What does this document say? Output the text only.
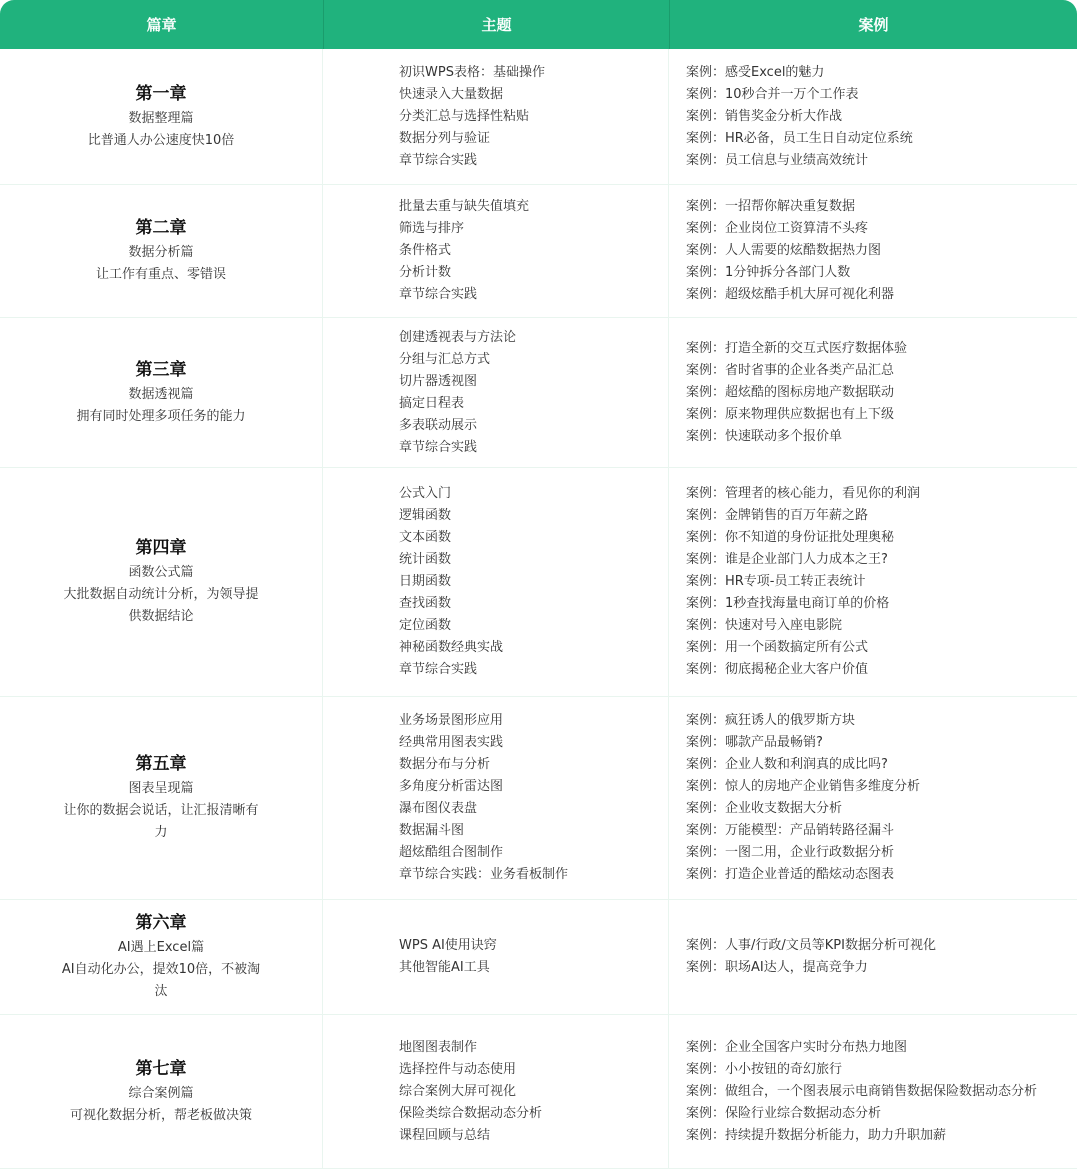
篇章	主题	案例
第一章
数据整理篇
比普通人办公速度快10倍
初识WPS表格：基础操作
快速录入大量数据
分类汇总与选择性粘贴
数据分列与验证
章节综合实践
案例：感受Excel的魅力
案例：10秒合并一万个工作表
案例：销售奖金分析大作战
案例：HR必备，员工生日自动定位系统
案例：员工信息与业绩高效统计
第二章
数据分析篇
让工作有重点、零错误
批量去重与缺失值填充
筛选与排序
条件格式
分析计数
章节综合实践
案例：一招帮你解决重复数据
案例：企业岗位工资算清不头疼
案例：人人需要的炫酷数据热力图
案例：1分钟拆分各部门人数
案例：超级炫酷手机大屏可视化利器
第三章
数据透视篇
拥有同时处理多项任务的能力
创建透视表与方法论
分组与汇总方式
切片器透视图
搞定日程表
多表联动展示
章节综合实践
案例：打造全新的交互式医疗数据体验
案例：省时省事的企业各类产品汇总
案例：超炫酷的图标房地产数据联动
案例：原来物理供应数据也有上下级
案例：快速联动多个报价单
第四章
函数公式篇
大批数据自动统计分析，为领导提供数据结论
公式入门
逻辑函数
文本函数
统计函数
日期函数
查找函数
定位函数
神秘函数经典实战
章节综合实践
案例：管理者的核心能力，看见你的利润
案例：金牌销售的百万年薪之路
案例：你不知道的身份证批处理奥秘
案例：谁是企业部门人力成本之王?
案例：HR专项-员工转正表统计
案例：1秒查找海量电商订单的价格
案例：快速对号入座电影院
案例：用一个函数搞定所有公式
案例：彻底揭秘企业大客户价值
第五章
图表呈现篇
让你的数据会说话，让汇报清晰有力
业务场景图形应用
经典常用图表实践
数据分布与分析
多角度分析雷达图
瀑布图仪表盘
数据漏斗图
超炫酷组合图制作
章节综合实践：业务看板制作
案例：疯狂诱人的俄罗斯方块
案例：哪款产品最畅销?
案例：企业人数和利润真的成比吗?
案例：惊人的房地产企业销售多维度分析
案例：企业收支数据大分析
案例：万能模型：产品销转路径漏斗
案例：一图二用，企业行政数据分析
案例：打造企业普适的酷炫动态图表
第六章
AI遇上Excel篇
AI自动化办公，提效10倍，不被淘汰
WPS AI使用诀窍
其他智能AI工具
案例：人事/行政/文员等KPI数据分析可视化
案例：职场AI达人，提高竞争力
第七章
综合案例篇
可视化数据分析，帮老板做决策
地图图表制作
选择控件与动态使用
综合案例大屏可视化
保险类综合数据动态分析
课程回顾与总结
案例：企业全国客户实时分布热力地图
案例：小小按钮的奇幻旅行
案例：做组合，一个图表展示电商销售数据保险数据动态分析
案例：保险行业综合数据动态分析
案例：持续提升数据分析能力，助力升职加薪
